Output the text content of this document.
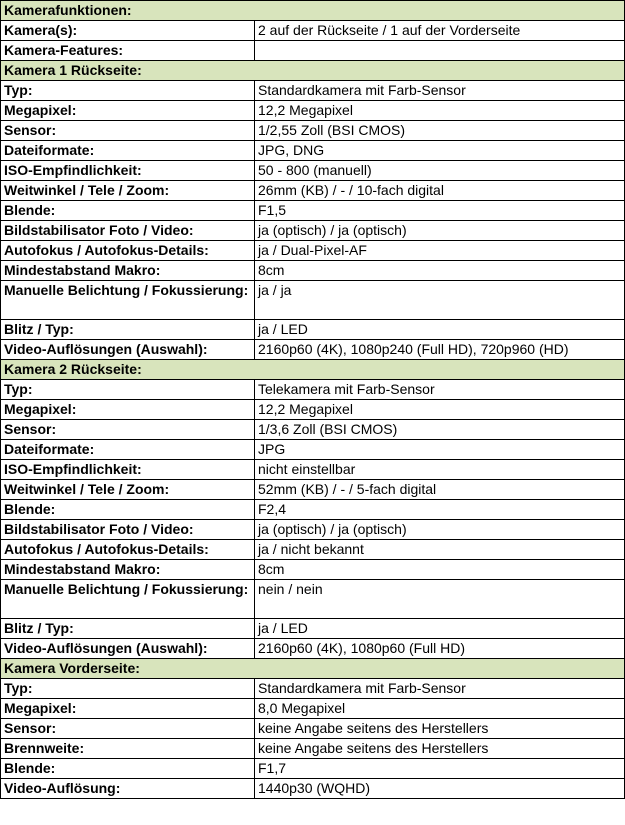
Kamerafunktionen:	
Kamera(s):	2 auf der Rückseite / 1 auf der Vorderseite
Kamera-Features:	
Kamera 1 Rückseite:	
Typ:	Standardkamera mit Farb-Sensor
Megapixel:	12,2 Megapixel
Sensor:	1/2,55 Zoll (BSI CMOS)
Dateiformate:	JPG, DNG
ISO-Empfindlichkeit:	50 - 800 (manuell)
Weitwinkel / Tele / Zoom:	26mm (KB) / - / 10-fach digital
Blende:	F1,5
Bildstabilisator Foto / Video:	ja (optisch) / ja (optisch)
Autofokus / Autofokus-Details:	ja / Dual-Pixel-AF
Mindestabstand Makro:	8cm
Manuelle Belichtung / Fokussierung:	ja / ja
Blitz / Typ:	ja / LED
Video-Auflösungen (Auswahl):	2160p60 (4K), 1080p240 (Full HD), 720p960 (HD)
Kamera 2 Rückseite:	
Typ:	Telekamera mit Farb-Sensor
Megapixel:	12,2 Megapixel
Sensor:	1/3,6 Zoll (BSI CMOS)
Dateiformate:	JPG
ISO-Empfindlichkeit:	nicht einstellbar
Weitwinkel / Tele / Zoom:	52mm (KB) / - / 5-fach digital
Blende:	F2,4
Bildstabilisator Foto / Video:	ja (optisch) / ja (optisch)
Autofokus / Autofokus-Details:	ja / nicht bekannt
Mindestabstand Makro:	8cm
Manuelle Belichtung / Fokussierung:	nein / nein
Blitz / Typ:	ja / LED
Video-Auflösungen (Auswahl):	2160p60 (4K), 1080p60 (Full HD)
Kamera Vorderseite:	
Typ:	Standardkamera mit Farb-Sensor
Megapixel:	8,0 Megapixel
Sensor:	keine Angabe seitens des Herstellers
Brennweite:	keine Angabe seitens des Herstellers
Blende:	F1,7
Video-Auflösung:	1440p30 (WQHD)
